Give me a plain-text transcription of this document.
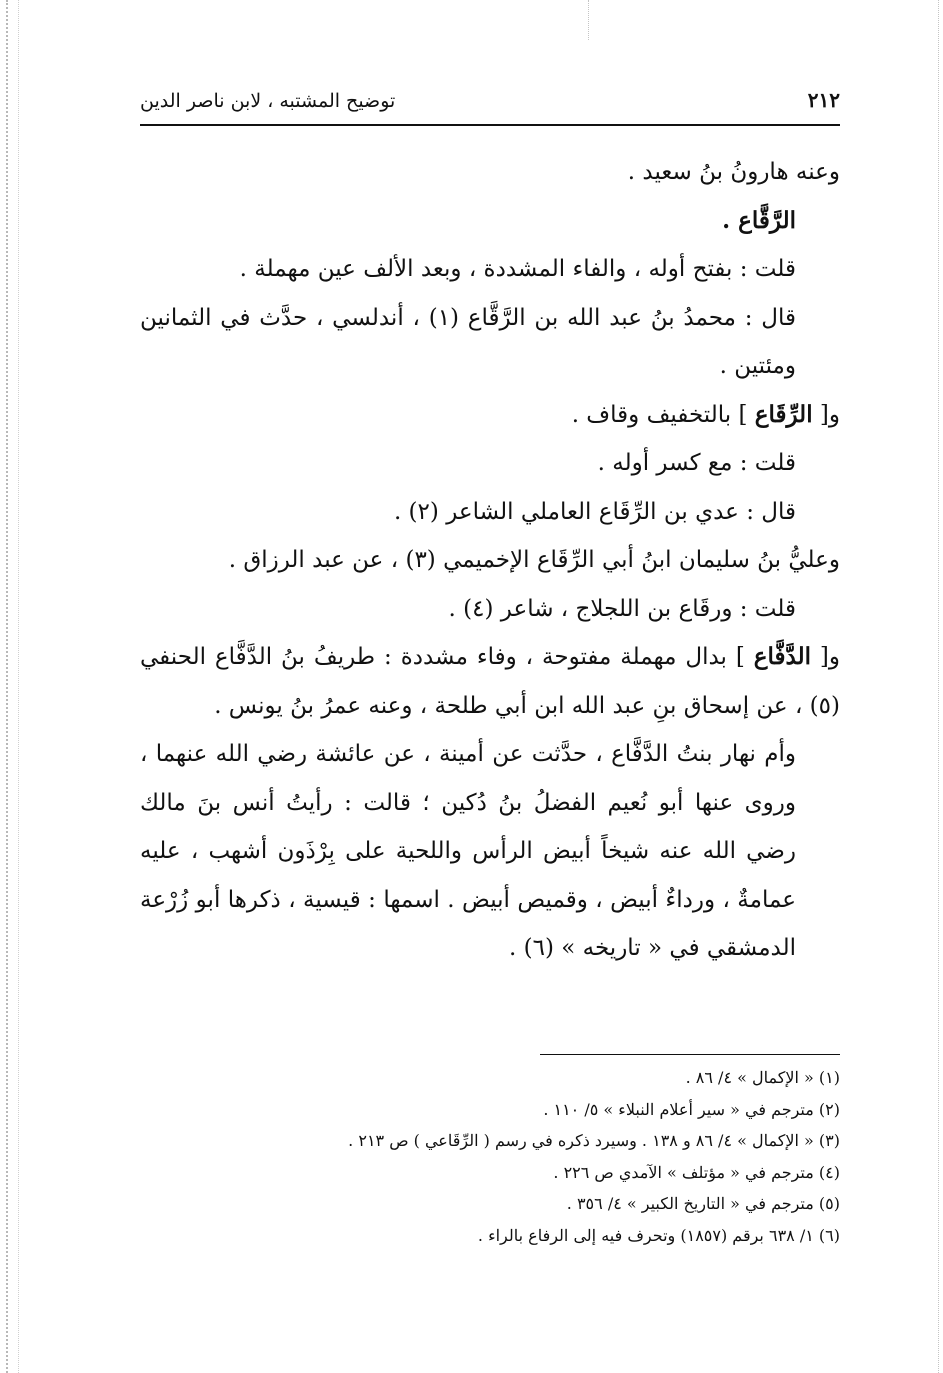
٢١٢
توضيح المشتبه ، لابن ناصر الدين

وعنه هارونُ بنُ سعيد .

الرَّقَّاع .

قلت : بفتح أوله ، والفاء المشددة ، وبعد الألف عين مهملة .

قال : محمدُ بنُ عبد الله بن الرَّقَّاع (١) ، أندلسي ، حدَّث في الثمانين ومئتين .

و[ الرِّقَاع ] بالتخفيف وقاف .

قلت : مع كسر أوله .

قال : عدي بن الرِّقَاع العاملي الشاعر (٢) .

وعليُّ بنُ سليمان ابنُ أبي الرِّقَاع الإخميمي (٣) ، عن عبد الرزاق .

قلت : ورقَاع بن اللجلاج ، شاعر (٤) .

و[ الدَّفَّاع ] بدال مهملة مفتوحة ، وفاء مشددة : طريفُ بنُ الدَّفَّاع الحنفي (٥) ، عن إسحاق بنِ عبد الله ابن أبي طلحة ، وعنه عمرُ بنُ يونس .

وأم نهار بنتُ الدَّفَّاع ، حدَّثت عن أمينة ، عن عائشة رضي الله عنهما ، وروى عنها أبو نُعيم الفضلُ بنُ دُكين ؛ قالت : رأيتُ أنس بنَ مالك رضي الله عنه شيخاً أبيض الرأس واللحية على بِرْذَون أشهب ، عليه عمامةٌ ، ورداءٌ أبيض ، وقميص أبيض . اسمها : قيسية ، ذكرها أبو زُرْعة الدمشقي في « تاريخه » (٦) .

(١) « الإكمال » ٤/ ٨٦ .

(٢) مترجم في « سير أعلام النبلاء » ٥/ ١١٠ .

(٣) « الإكمال » ٤/ ٨٦ و ١٣٨ . وسيرد ذكره في رسم ( الرِّقَاعي ) ص ٢١٣ .

(٤) مترجم في « مؤتلف » الآمدي ص ٢٢٦ .

(٥) مترجم في « التاريخ الكبير » ٤/ ٣٥٦ .

(٦) ١/ ٦٣٨ برقم (١٨٥٧) وتحرف فيه إلى الرفاع بالراء .
